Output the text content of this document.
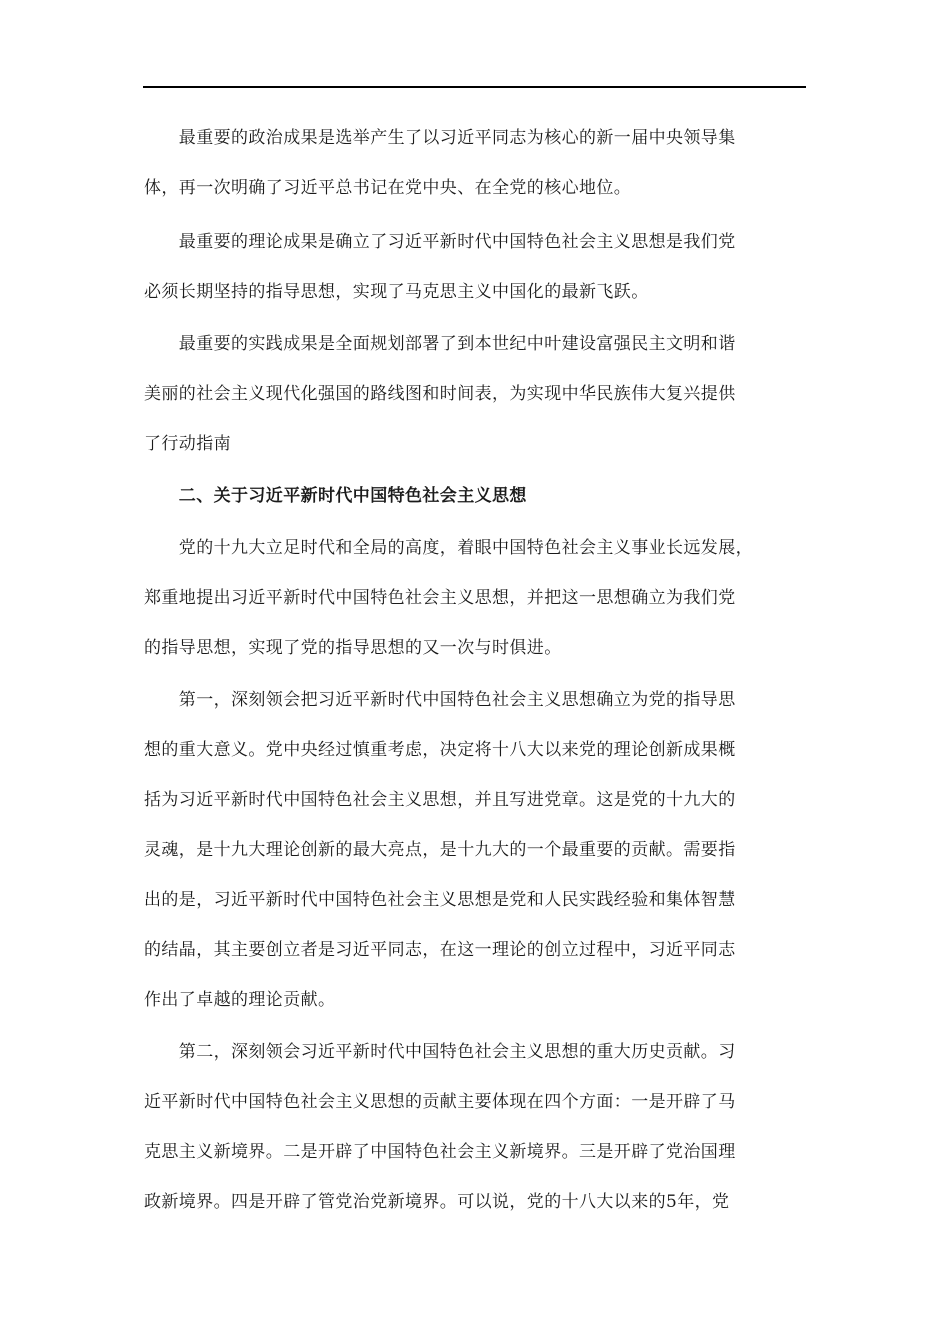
　　最重要的政治成果是选举产生了以习近平同志为核心的新一届中央领导集

体，再一次明确了习近平总书记在党中央、在全党的核心地位。

　　最重要的理论成果是确立了习近平新时代中国特色社会主义思想是我们党

必须长期坚持的指导思想，实现了马克思主义中国化的最新飞跃。

　　最重要的实践成果是全面规划部署了到本世纪中叶建设富强民主文明和谐

美丽的社会主义现代化强国的路线图和时间表，为实现中华民族伟大复兴提供

了行动指南

　　二、关于习近平新时代中国特色社会主义思想

　　党的十九大立足时代和全局的高度，着眼中国特色社会主义事业长远发展，

郑重地提出习近平新时代中国特色社会主义思想，并把这一思想确立为我们党

的指导思想，实现了党的指导思想的又一次与时俱进。

　　第一，深刻领会把习近平新时代中国特色社会主义思想确立为党的指导思

想的重大意义。党中央经过慎重考虑，决定将十八大以来党的理论创新成果概

括为习近平新时代中国特色社会主义思想，并且写进党章。这是党的十九大的

灵魂，是十九大理论创新的最大亮点，是十九大的一个最重要的贡献。需要指

出的是，习近平新时代中国特色社会主义思想是党和人民实践经验和集体智慧

的结晶，其主要创立者是习近平同志，在这一理论的创立过程中，习近平同志

作出了卓越的理论贡献。

　　第二，深刻领会习近平新时代中国特色社会主义思想的重大历史贡献。习

近平新时代中国特色社会主义思想的贡献主要体现在四个方面：一是开辟了马

克思主义新境界。二是开辟了中国特色社会主义新境界。三是开辟了党治国理

政新境界。四是开辟了管党治党新境界。可以说，党的十八大以来的5年，党
